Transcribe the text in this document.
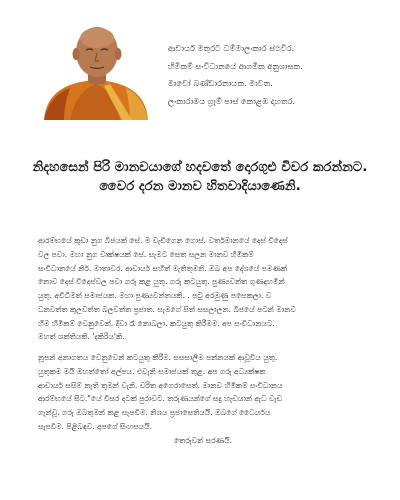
ආචාර්ය මතුරට ධම්මාලංකාර ස්ථවිර.
හිමිකම් සංවිධානයේ ආගමික අනුශාසක.
මාවෝ බණ්ඩාරනායක. මාවත.
ලංකාරාමය ග්‍රෑම් පාස් කොළඹ දාහතර.
නිදහසෙන් පිරි මානවයාගේ හදවතේ දොරගුළු විවර කරන්නට.
වෛර දරන මානව හිතවාදියාණෙනි.

ආරම්භයේ කුඩා නුග බීජයක් සේ. ම වැඩිගෙන ගොස්. වර්තමානයේ දෙස් විදෙස්
වල පවා. මහා නුග වෘක්ෂයක් සේ. සැමට සෙත සලන මානව හිමිකම්
සංවිධානයේ නිර්. මාතාවර. ආචාර්ය සහිත් මැතිතුමනි. ඔබ අප දේශයේ පමණක්
නොව දෙස් විදෙස්වල පවා ගරු කළ යුතු. ගරු කටයුතු. පුණ්‍යවන්ත ගුණදහමින්
යුතු. අවිධිමත් සමාජයක. මහා පුණ්‍යවන්තයකි. . පටු අරමුණු පසෙකලා. ව
ධනවත්ත කුලවත්ත බලවත්ත ප්‍රජාත. සැමගේ සිත් සසලාලන. බීජයේ පටන් මානව
හිම හිමිකම් වෙනුවෙන්. දිවා රෑ නොබලා. කටයුතු කිරීමම. අප සංවිධානයට.
මහත් ශක්තියකි. 'දකිරිය'කි.

නූපන් අනාගතය වෙනුවෙන් කටයුතු කිරීම. සසසාලීම පන්නයක් ආවූවිය යුතු.
යුතුකම මයි ඔහත්තෝ අල්පය. එවැනි සමාජයක් තුළ. අප ගරු අධ්‍යක්ෂක
ආචාර්ය සසිම් නැති තුමන් වැනි. චරිත අගෙරාසෙත්. මානව හිමිකම් සංවිධානය
ආරම්භයේ සිට."යේ විසර දටක් පුරාවට. තරුණයන්ගේ සදු හැඩයාන් ඇධ වැඩ
ගැන්වූ. ගරු ඔබතුමන් කළ සැපවීම. නිශය ප්‍රජාසෙතියයි. ඔබගේ ධෛර්යය
සැපවීම. පිළිබඳව. අපගේ සිංහසයයි.
තෙරුවන් සරණයි.
